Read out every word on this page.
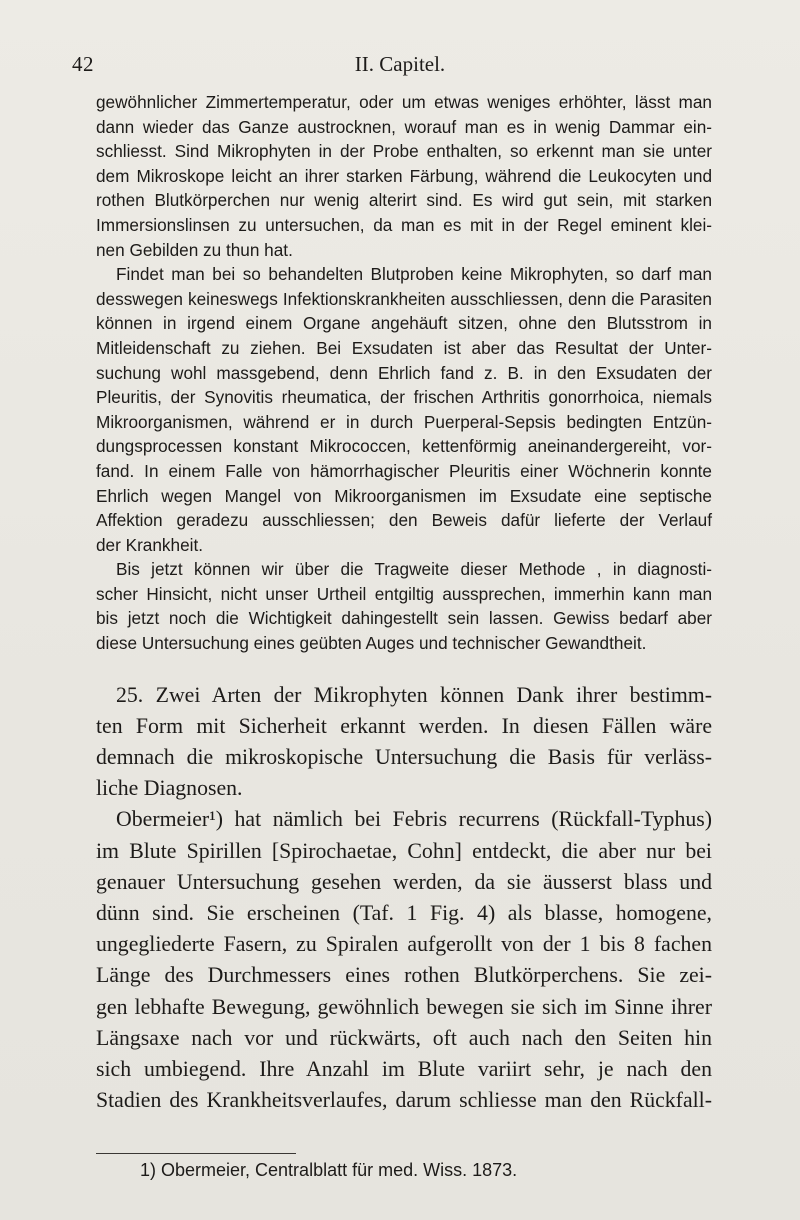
42	II. Capitel.
gewöhnlicher Zimmertemperatur, oder um etwas weniges erhöhter, lässt man
dann wieder das Ganze austrocknen, worauf man es in wenig Dammar ein-
schliesst. Sind Mikrophyten in der Probe enthalten, so erkennt man sie unter
dem Mikroskope leicht an ihrer starken Färbung, während die Leukocyten und
rothen Blutkörperchen nur wenig alterirt sind. Es wird gut sein, mit starken
Immersionslinsen zu untersuchen, da man es mit in der Regel eminent klei-
nen Gebilden zu thun hat.
Findet man bei so behandelten Blutproben keine Mikrophyten, so darf man
desswegen keineswegs Infektionskrankheiten ausschliessen, denn die Parasiten
können in irgend einem Organe angehäuft sitzen, ohne den Blutsstrom in
Mitleidenschaft zu ziehen. Bei Exsudaten ist aber das Resultat der Unter-
suchung wohl massgebend, denn Ehrlich fand z. B. in den Exsudaten der
Pleuritis, der Synovitis rheumatica, der frischen Arthritis gonorrhoica, niemals
Mikroorganismen, während er in durch Puerperal-Sepsis bedingten Entzün-
dungsprocessen konstant Mikrococcen, kettenförmig aneinandergereiht, vor-
fand. In einem Falle von hämorrhagischer Pleuritis einer Wöchnerin konnte
Ehrlich wegen Mangel von Mikroorganismen im Exsudate eine septische
Affektion geradezu ausschliessen; den Beweis dafür lieferte der Verlauf
der Krankheit.
Bis jetzt können wir über die Tragweite dieser Methode , in diagnosti-
scher Hinsicht, nicht unser Urtheil entgiltig aussprechen, immerhin kann man
bis jetzt noch die Wichtigkeit dahingestellt sein lassen. Gewiss bedarf aber
diese Untersuchung eines geübten Auges und technischer Gewandtheit.
25. Zwei Arten der Mikrophyten können Dank ihrer bestimm-
ten Form mit Sicherheit erkannt werden. In diesen Fällen wäre
demnach die mikroskopische Untersuchung die Basis für verläss-
liche Diagnosen.
Obermeier¹) hat nämlich bei Febris recurrens (Rückfall-Typhus)
im Blute Spirillen [Spirochaetae, Cohn] entdeckt, die aber nur bei
genauer Untersuchung gesehen werden, da sie äusserst blass und
dünn sind. Sie erscheinen (Taf. 1 Fig. 4) als blasse, homogene,
ungegliederte Fasern, zu Spiralen aufgerollt von der 1 bis 8 fachen
Länge des Durchmessers eines rothen Blutkörperchens. Sie zei-
gen lebhafte Bewegung, gewöhnlich bewegen sie sich im Sinne ihrer
Längsaxe nach vor und rückwärts, oft auch nach den Seiten hin
sich umbiegend. Ihre Anzahl im Blute variirt sehr, je nach den
Stadien des Krankheitsverlaufes, darum schliesse man den Rückfall-
1) Obermeier, Centralblatt für med. Wiss. 1873.
